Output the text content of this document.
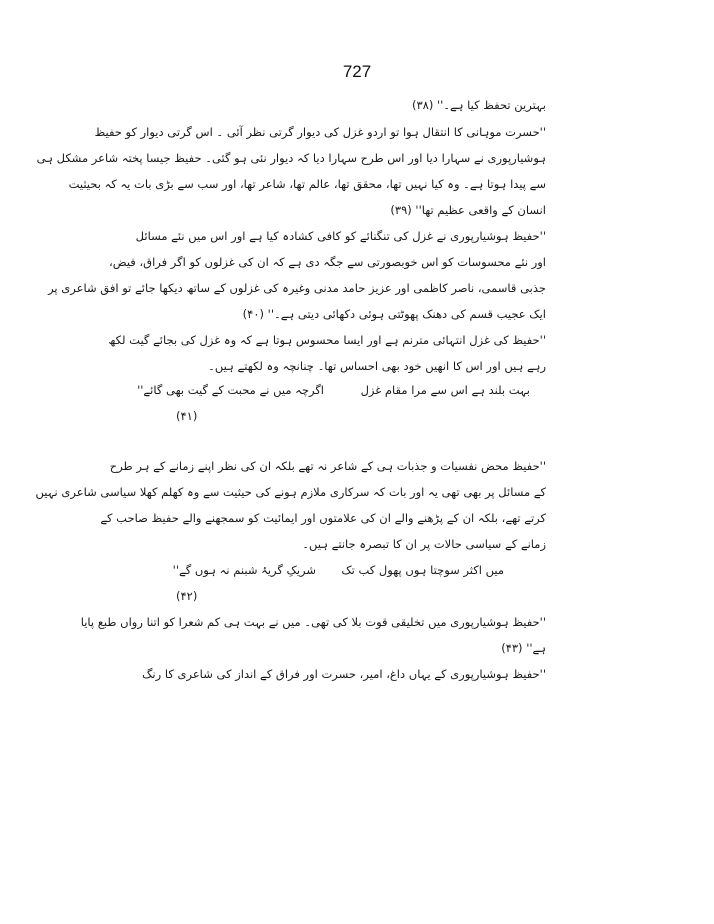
727
بہترین تحفظ کیا ہے۔'' (۳۸)
''حسرت موہانی کا انتقال ہوا تو اردو غزل کی دیوار گرتی نظر آئی ۔ اس گرتی دیوار کو حفیظ
ہوشیارپوری نے سہارا دیا اور اس طرح سہارا دیا کہ دیوار نئی ہو گئی۔ حفیظ جیسا پختہ شاعر مشکل ہی
سے پیدا ہوتا ہے۔ وہ کیا نہیں تھا، محقق تھا، عالم تھا، شاعر تھا، اور سب سے بڑی بات یہ کہ بحیثیت
انسان کے واقعی عظیم تھا'' (۳۹)
''حفیظ ہوشیارپوری نے غزل کی تنگنائے کو کافی کشادہ کیا ہے اور اس میں نئے مسائل
اور نئے محسوسات کو اس خوبصورتی سے جگہ دی ہے کہ ان کی غزلوں کو اگر فراق، فیض،
جذبی قاسمی، ناصر کاظمی اور عزیز حامد مدنی وغیرہ کی غزلوں کے ساتھ دیکھا جائے تو افق شاعری پر
ایک عجیب قسم کی دھنک پھوٹتی ہوئی دکھائی دیتی ہے۔'' (۴۰)
''حفیظ کی غزل انتہائی مترنم ہے اور ایسا محسوس ہوتا ہے کہ وہ غزل کی بجائے گیت لکھ
رہے ہیں اور اس کا انھیں خود بھی احساس تھا۔ چنانچہ وہ لکھتے ہیں۔
بہت بلند ہے اس سے مرا مقام غزل
اگرچہ میں نے محبت کے گیت بھی گائے''
(۴۱)
''حفیظ محض نفسیات و جذبات ہی کے شاعر نہ تھے بلکہ ان کی نظر اپنے زمانے کے ہر طرح
کے مسائل پر بھی تھی یہ اور بات کہ سرکاری ملازم ہونے کی حیثیت سے وہ کھلم کھلا سیاسی شاعری نہیں
کرتے تھے، بلکہ ان کے پڑھنے والے ان کی علامتوں اور ایمائیت کو سمجھنے والے حفیظ صاحب کے
زمانے کے سیاسی حالات پر ان کا تبصرہ جانتے ہیں۔
میں اکثر سوچتا ہوں پھول کب تک
شریکِ گریۂ شبنم نہ ہوں گے''
(۴۲)
''حفیظ ہوشیارپوری میں تخلیقی قوت بلا کی تھی۔ میں نے بہت ہی کم شعرا کو اتنا رواں طبع پایا
ہے'' (۴۳)
''حفیظ ہوشیارپوری کے یہاں داغ، امیر، حسرت اور فراق کے انداز کی شاعری کا رنگ
